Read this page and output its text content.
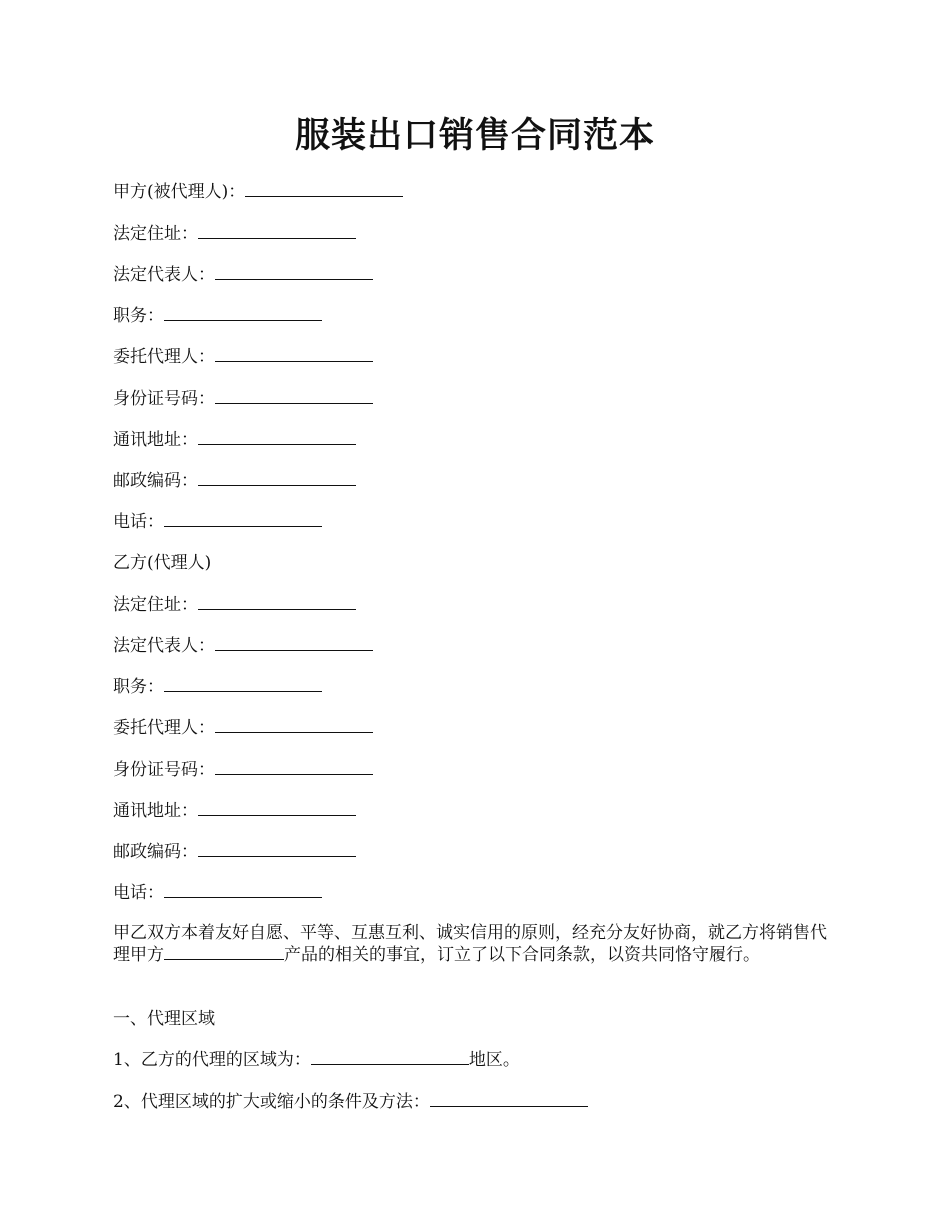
服装出口销售合同范本
甲方(被代理人)：
法定住址：
法定代表人：
职务：
委托代理人：
身份证号码：
通讯地址：
邮政编码：
电话：
乙方(代理人)
法定住址：
法定代表人：
职务：
委托代理人：
身份证号码：
通讯地址：
邮政编码：
电话：
甲乙双方本着友好自愿、平等、互惠互利、诚实信用的原则，经充分友好协商，就乙方将销售代理甲方	产品的相关的事宜，订立了以下合同条款，以资共同恪守履行。
一、代理区域
1、乙方的代理的区域为：	地区。
2、代理区域的扩大或缩小的条件及方法：
